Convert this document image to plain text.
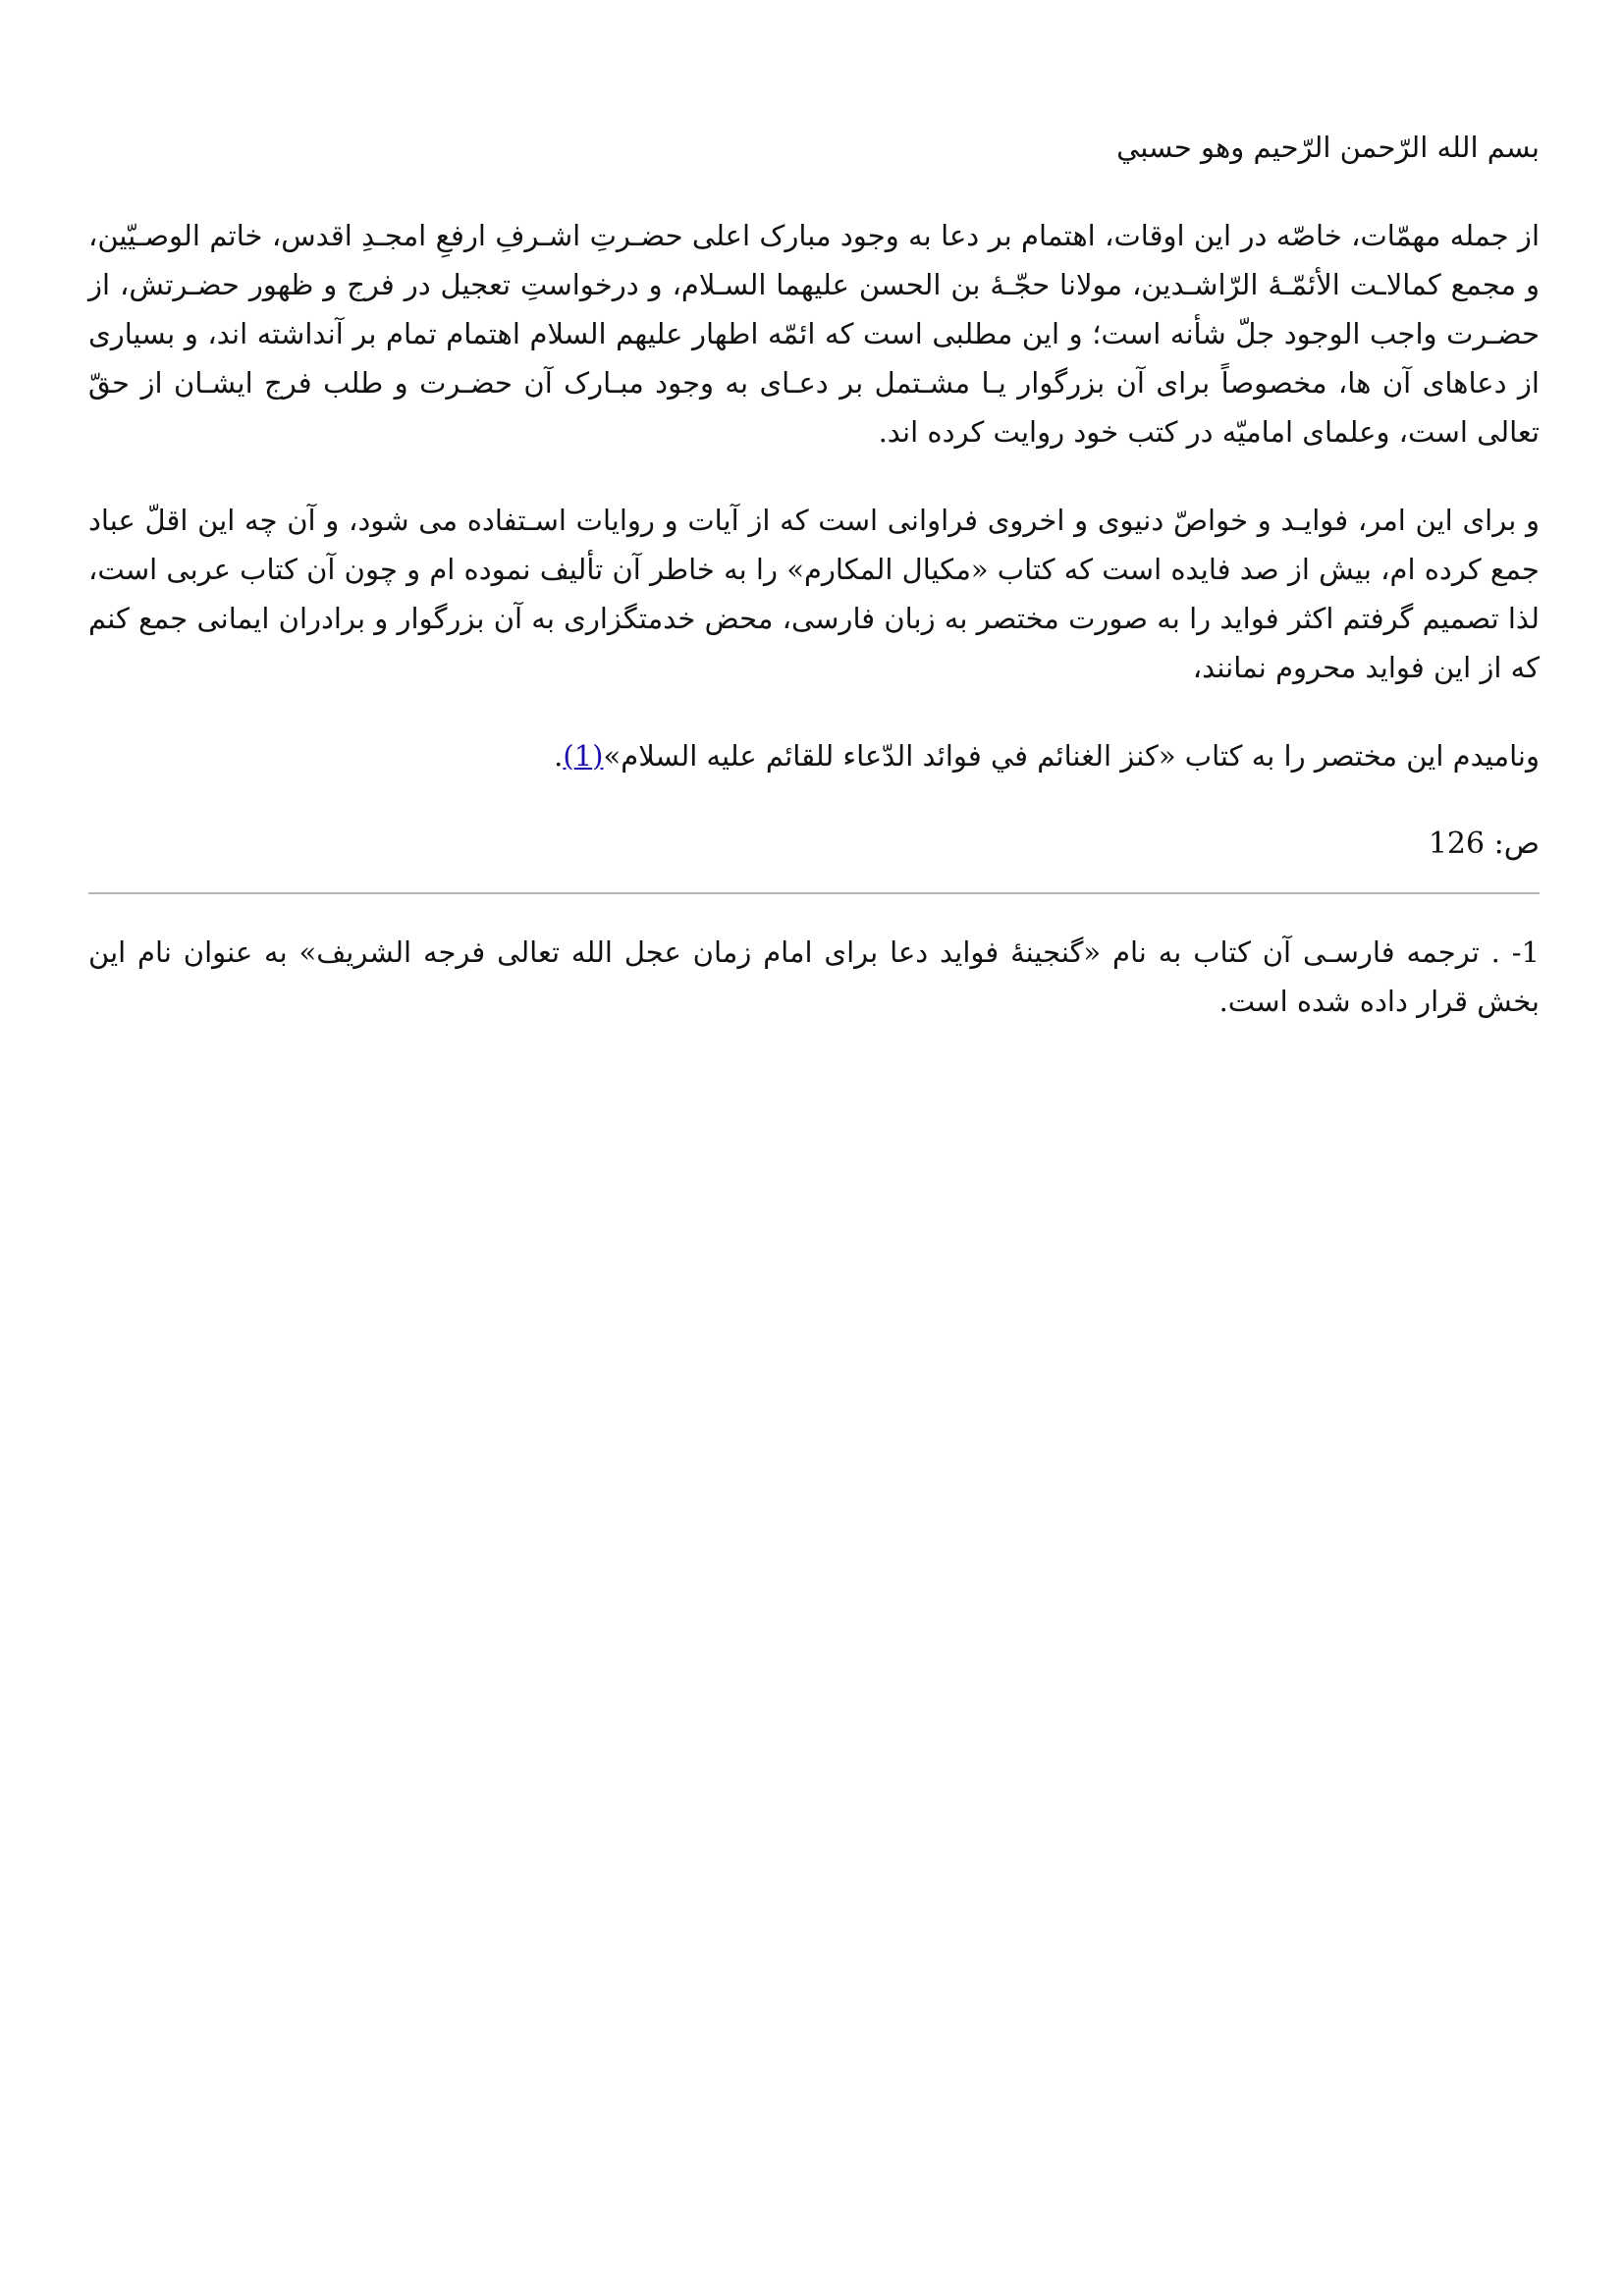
بسم الله الرّحمن الرّحيم وهو حسبي

از جمله مهمّات، خاصّه در این اوقات، اهتمام بر دعا به وجود مبارک اعلی حضـرتِ اشـرفِ ارفعِ امجـدِ اقدس، خاتم الوصـیّین، و مجمع کمالاـت الأئمّـهٔ الرّاشـدین، مولانا حجّـهٔ بن الحسن علیهما السـلام، و درخواستِ تعجیل در فرج و ظهور حضـرتش، از حضـرت واجب الوجود جلّ شأنه است؛ و این مطلبی است که ائمّه اطهار علیهم السلام اهتمام تمام بر آنداشته اند، و بسیاری از دعاهای آن ها، مخصوصاً برای آن بزرگوار یـا مشـتمل بر دعـای به وجود مبـارک آن حضـرت و طلب فرج ایشـان از حقّ تعالی است، وعلمای امامیّه در کتب خود روایت کرده اند.

و برای این امر، فوایـد و خواصّ دنیوی و اخروی فراوانی است که از آیات و روایات اسـتفاده می شود، و آن چه این اقلّ عباد جمع کرده ام، بیش از صد فایده است که کتاب «مکیال المکارم» را به خاطر آن تألیف نموده ام و چون آن کتاب عربی است، لذا تصمیم گرفتم اکثر فواید را به صورت مختصر به زبان فارسی، محض خدمتگزاری به آن بزرگوار و برادران ایمانی جمع کنم که از این فواید محروم نمانند،

ونامیدم این مختصر را به کتاب «کنز الغنائم في فوائد الدّعاء للقائم علیه السلام»(1).

ص: 126

1- . ترجمه فارسـی آن کتاب به نام «گنجینهٔ فواید دعا برای امام زمان عجل الله تعالی فرجه الشریف» به عنوان نام این بخش قرار داده شده است.
